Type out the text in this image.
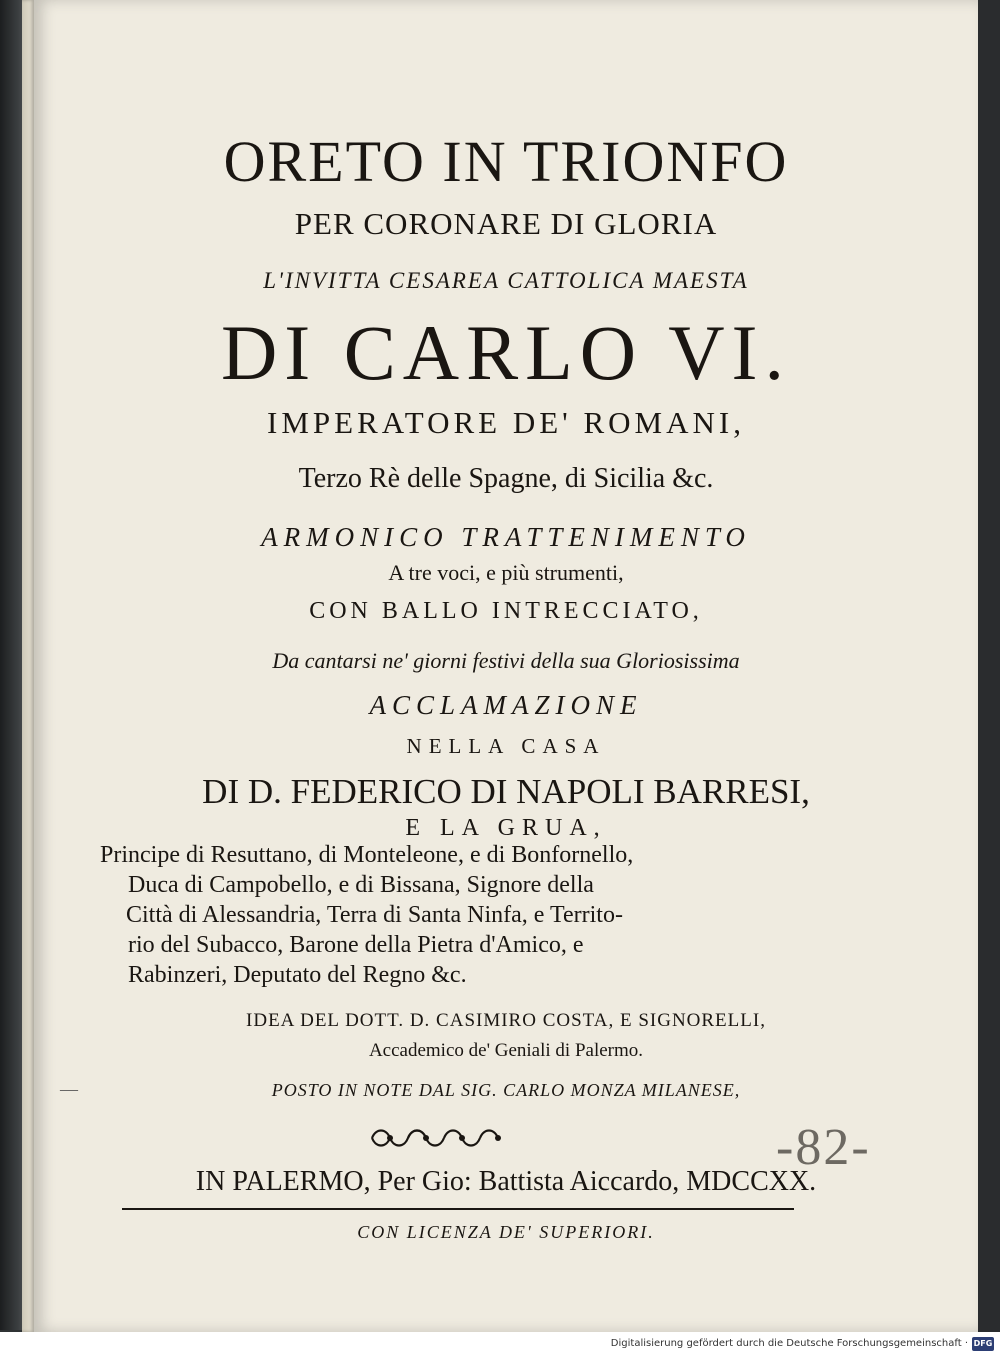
ORETO IN TRIONFO

PER CORONARE DI GLORIA

L'INVITTA CESAREA CATTOLICA MAESTA

DI CARLO VI.

IMPERATORE DE' ROMANI,

Terzo Rè delle Spagne, di Sicilia &c.

ARMONICO TRATTENIMENTO

A tre voci, e più strumenti,

CON BALLO INTRECCIATO,

Da cantarsi ne' giorni festivi della sua Gloriosissima

ACCLAMAZIONE

NELLA CASA

DI D. FEDERICO DI NAPOLI BARRESI,

E LA GRUA,

Principe di Resuttano, di Monteleone, e di Bonfornello,

Duca di Campobello, e di Bissana, Signore della

Città di Alessandria, Terra di Santa Ninfa, e Territo-

rio del Subacco, Barone della Pietra d'Amico, e

Rabinzeri, Deputato del Regno &c.

IDEA DEL DOTT. D. CASIMIRO COSTA, E SIGNORELLI,

Accademico de' Geniali di Palermo.

—	POSTO IN NOTE DAL SIG. CARLO MONZA MILANESE,

-82-

IN PALERMO, Per Gio: Battista Aiccardo, MDCCXX.

CON LICENZA DE' SUPERIORI.

Digitalisierung gefördert durch die Deutsche Forschungsgemeinschaft · DFG
